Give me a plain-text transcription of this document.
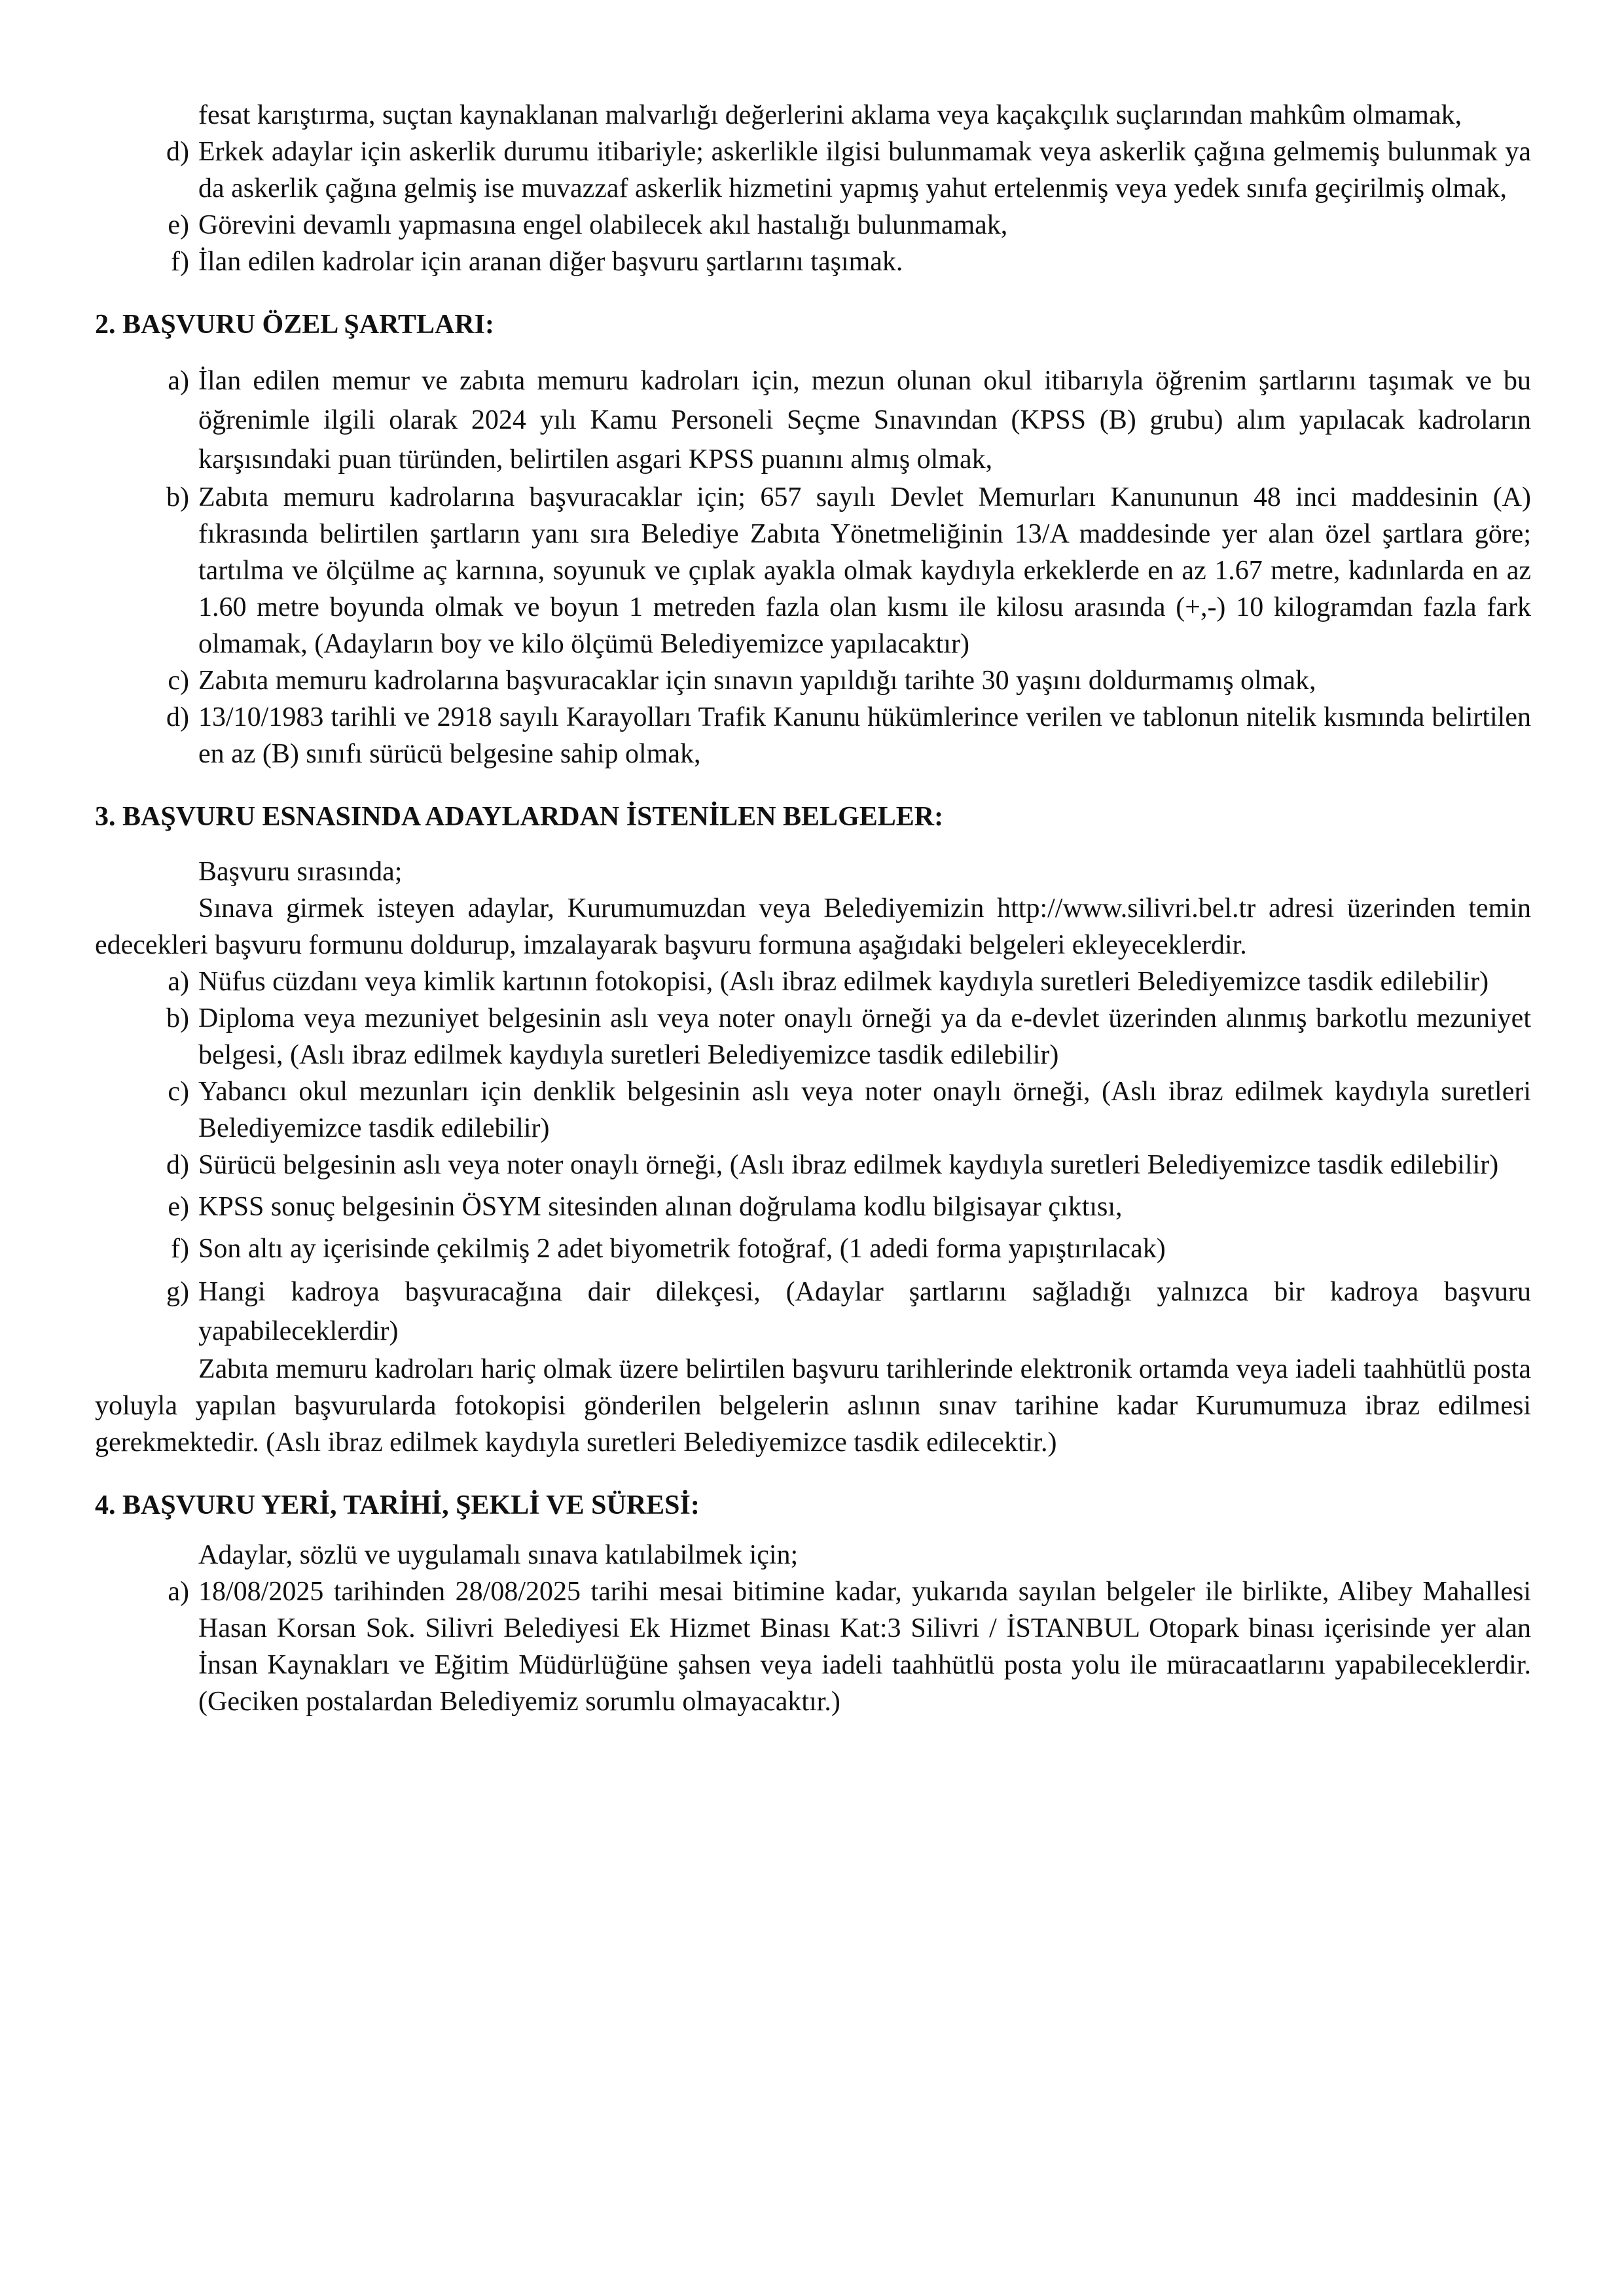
fesat karıştırma, suçtan kaynaklanan malvarlığı değerlerini aklama veya kaçakçılık suçlarından mahkûm olmamak,

d) Erkek adaylar için askerlik durumu itibariyle; askerlikle ilgisi bulunmamak veya askerlik çağına gelmemiş bulunmak ya da askerlik çağına gelmiş ise muvazzaf askerlik hizmetini yapmış yahut ertelenmiş veya yedek sınıfa geçirilmiş olmak,
e) Görevini devamlı yapmasına engel olabilecek akıl hastalığı bulunmamak,
f) İlan edilen kadrolar için aranan diğer başvuru şartlarını taşımak.

2. BAŞVURU ÖZEL ŞARTLARI:

a) İlan edilen memur ve zabıta memuru kadroları için, mezun olunan okul itibarıyla öğrenim şartlarını taşımak ve bu öğrenimle ilgili olarak 2024 yılı Kamu Personeli Seçme Sınavından (KPSS (B) grubu) alım yapılacak kadroların karşısındaki puan türünden, belirtilen asgari KPSS puanını almış olmak,
b) Zabıta memuru kadrolarına başvuracaklar için; 657 sayılı Devlet Memurları Kanununun 48 inci maddesinin (A) fıkrasında belirtilen şartların yanı sıra Belediye Zabıta Yönetmeliğinin 13/A maddesinde yer alan özel şartlara göre; tartılma ve ölçülme aç karnına, soyunuk ve çıplak ayakla olmak kaydıyla erkeklerde en az 1.67 metre, kadınlarda en az 1.60 metre boyunda olmak ve boyun 1 metreden fazla olan kısmı ile kilosu arasında (+,-) 10 kilogramdan fazla fark olmamak, (Adayların boy ve kilo ölçümü Belediyemizce yapılacaktır)
c) Zabıta memuru kadrolarına başvuracaklar için sınavın yapıldığı tarihte 30 yaşını doldurmamış olmak,
d) 13/10/1983 tarihli ve 2918 sayılı Karayolları Trafik Kanunu hükümlerince verilen ve tablonun nitelik kısmında belirtilen en az (B) sınıfı sürücü belgesine sahip olmak,

3. BAŞVURU ESNASINDA ADAYLARDAN İSTENİLEN BELGELER:

Başvuru sırasında;

Sınava girmek isteyen adaylar, Kurumumuzdan veya Belediyemizin http://www.silivri.bel.tr adresi üzerinden temin edecekleri başvuru formunu doldurup, imzalayarak başvuru formuna aşağıdaki belgeleri ekleyeceklerdir.

a) Nüfus cüzdanı veya kimlik kartının fotokopisi, (Aslı ibraz edilmek kaydıyla suretleri Belediyemizce tasdik edilebilir)
b) Diploma veya mezuniyet belgesinin aslı veya noter onaylı örneği ya da e-devlet üzerinden alınmış barkotlu mezuniyet belgesi, (Aslı ibraz edilmek kaydıyla suretleri Belediyemizce tasdik edilebilir)
c) Yabancı okul mezunları için denklik belgesinin aslı veya noter onaylı örneği, (Aslı ibraz edilmek kaydıyla suretleri Belediyemizce tasdik edilebilir)
d) Sürücü belgesinin aslı veya noter onaylı örneği, (Aslı ibraz edilmek kaydıyla suretleri Belediyemizce tasdik edilebilir)
e) KPSS sonuç belgesinin ÖSYM sitesinden alınan doğrulama kodlu bilgisayar çıktısı,
f) Son altı ay içerisinde çekilmiş 2 adet biyometrik fotoğraf, (1 adedi forma yapıştırılacak)
g) Hangi kadroya başvuracağına dair dilekçesi, (Adaylar şartlarını sağladığı yalnızca bir kadroya başvuru yapabileceklerdir)

Zabıta memuru kadroları hariç olmak üzere belirtilen başvuru tarihlerinde elektronik ortamda veya iadeli taahhütlü posta yoluyla yapılan başvurularda fotokopisi gönderilen belgelerin aslının sınav tarihine kadar Kurumumuza ibraz edilmesi gerekmektedir. (Aslı ibraz edilmek kaydıyla suretleri Belediyemizce tasdik edilecektir.)

4. BAŞVURU YERİ, TARİHİ, ŞEKLİ VE SÜRESİ:

Adaylar, sözlü ve uygulamalı sınava katılabilmek için;

a) 18/08/2025 tarihinden 28/08/2025 tarihi mesai bitimine kadar, yukarıda sayılan belgeler ile birlikte, Alibey Mahallesi Hasan Korsan Sok. Silivri Belediyesi Ek Hizmet Binası Kat:3 Silivri / İSTANBUL Otopark binası içerisinde yer alan İnsan Kaynakları ve Eğitim Müdürlüğüne şahsen veya iadeli taahhütlü posta yolu ile müracaatlarını yapabileceklerdir. (Geciken postalardan Belediyemiz sorumlu olmayacaktır.)
